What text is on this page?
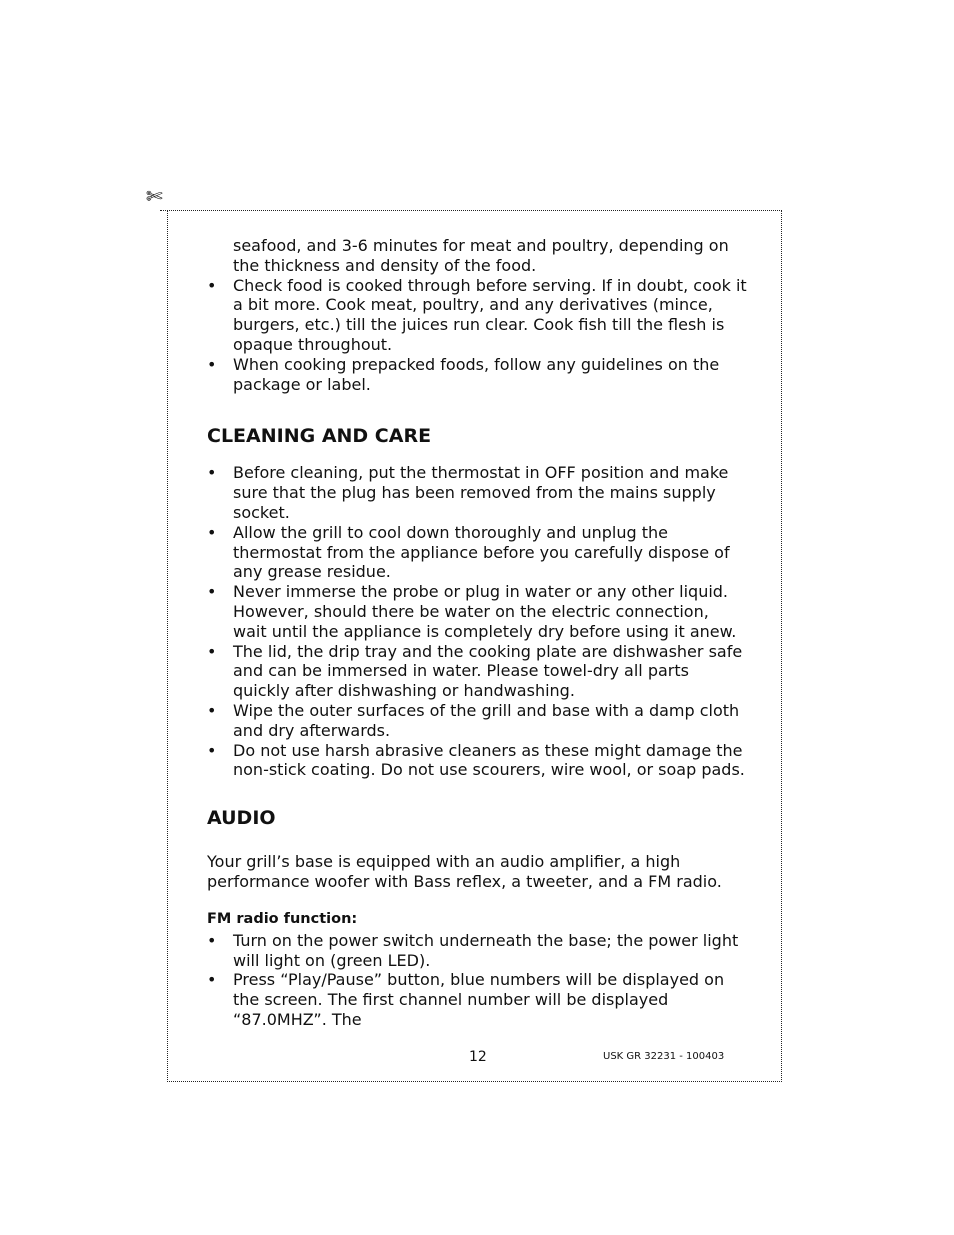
✄

seafood, and 3-6 minutes for meat and poultry, depending on the thickness and density of the food.

•	Check food is cooked through before serving. If in doubt, cook it a bit more. Cook meat, poultry, and any derivatives (mince, burgers, etc.) till the juices run clear. Cook fish till the flesh is opaque throughout.
•	When cooking prepacked foods, follow any guidelines on the package or label.
CLEANING AND CARE
•	Before cleaning, put the thermostat in OFF position and make sure that the plug has been removed from the mains supply socket.
•	Allow the grill to cool down thoroughly and unplug the thermostat from the appliance before you carefully dispose of any grease residue.
•	Never immerse the probe or plug in water or any other liquid. However, should there be water on the electric connection, wait until the appliance is completely dry before using it anew.
•	The lid, the drip tray and the cooking plate are dishwasher safe and can be immersed in water. Please towel-dry all parts quickly after dishwashing or handwashing.
•	Wipe the outer surfaces of the grill and base with a damp cloth and dry afterwards.
•	Do not use harsh abrasive cleaners as these might damage the non-stick coating. Do not use scourers, wire wool, or soap pads.
AUDIO

Your grill’s base is equipped with an audio amplifier, a high performance woofer with Bass reflex, a tweeter, and a FM radio.

FM radio function:

•	Turn on the power switch underneath the base; the power light will light on (green LED).
•	Press “Play/Pause” button, blue numbers will be displayed on the screen. The first channel number will be displayed “87.0MHZ”. The
12	USK GR 32231 - 100403
